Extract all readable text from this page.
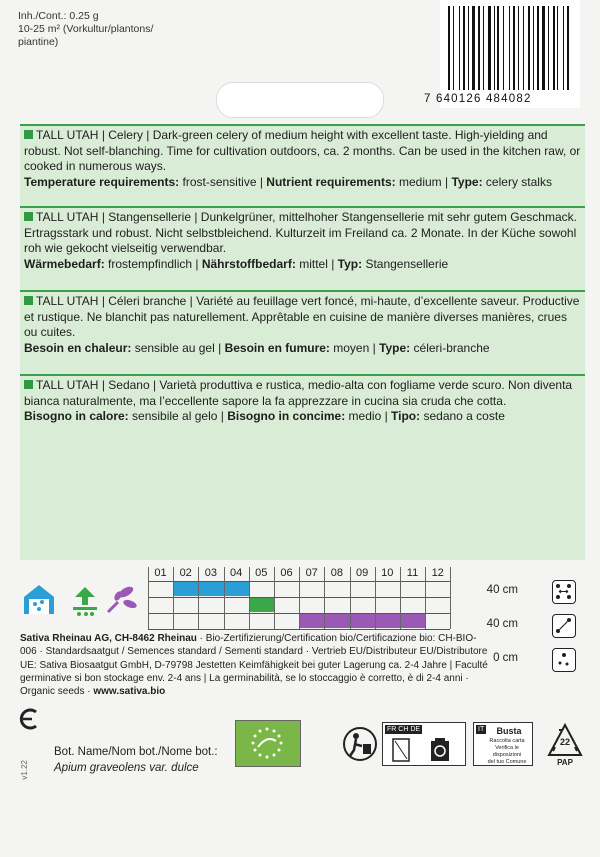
Inh./Cont.: 0.25 g
10-25 m² (Vorkultur/plantons/
piantine)
7 640126 484082
TALL UTAH | Celery | Dark-green celery of medium height with excellent taste. High-yielding and robust. Not self-blanching. Time for cultivation outdoors, ca. 2 months. Can be used in the kitchen raw, or cooked in numerous ways.
Temperature requirements: frost-sensitive | Nutrient requirements: medium | Type: celery stalks
TALL UTAH | Stangensellerie | Dunkelgrüner, mittelhoher Stangensellerie mit sehr gutem Geschmack. Ertragsstark und robust. Nicht selbstbleichend. Kulturzeit im Freiland ca. 2 Monate. In der Küche sowohl roh wie gekocht vielseitig verwendbar.
Wärmebedarf: frostempfindlich | Nährstoffbedarf: mittel | Typ: Stangensellerie
TALL UTAH | Céleri branche | Variété au feuillage vert foncé, mi-haute, d’excellente saveur. Productive et rustique. Ne blanchit pas naturellement. Apprêtable en cuisine de manière diverses manières, crues ou cuites.
Besoin en chaleur: sensible au gel | Besoin en fumure: moyen | Type: céleri-branche
TALL UTAH | Sedano | Varietà produttiva e rustica, medio-alta con fogliame verde scuro. Non diventa bianca naturalmente, ma l’eccellente sapore la fa apprezzare in cucina sia cruda che cotta.
Bisogno in calore: sensibile al gelo | Bisogno in concime: medio | Tipo: sedano a coste
01	02	03	04	05	06	07	08	09	10	11	12
40 cm
40 cm
0 cm
Sativa Rheinau AG, CH-8462 Rheinau · Bio-Zertifizierung/Certification bio/Certificazione bio: CH-BIO-006 · Standardsaatgut / Semences standard / Sementi standard · Vertrieb EU/Distributeur EU/Distributore UE: Sativa Biosaatgut GmbH, D-79798 Jestetten Keimfähigkeit bei guter Lagerung ca. 2-4 Jahre | Faculté germinative si bon stockage env. 2-4 ans | La germinabilità, se lo stoccaggio è corretto, è di 2-4 anni · Organic seeds · www.sativa.bio
v1.22
Bot. Name/Nom bot./Nome bot.:
Apium graveolens var. dulce
FR CH DE	IT	Busta
Raccolta carta
Verifica le disposizioni
del tuo Comune
22
PAP
